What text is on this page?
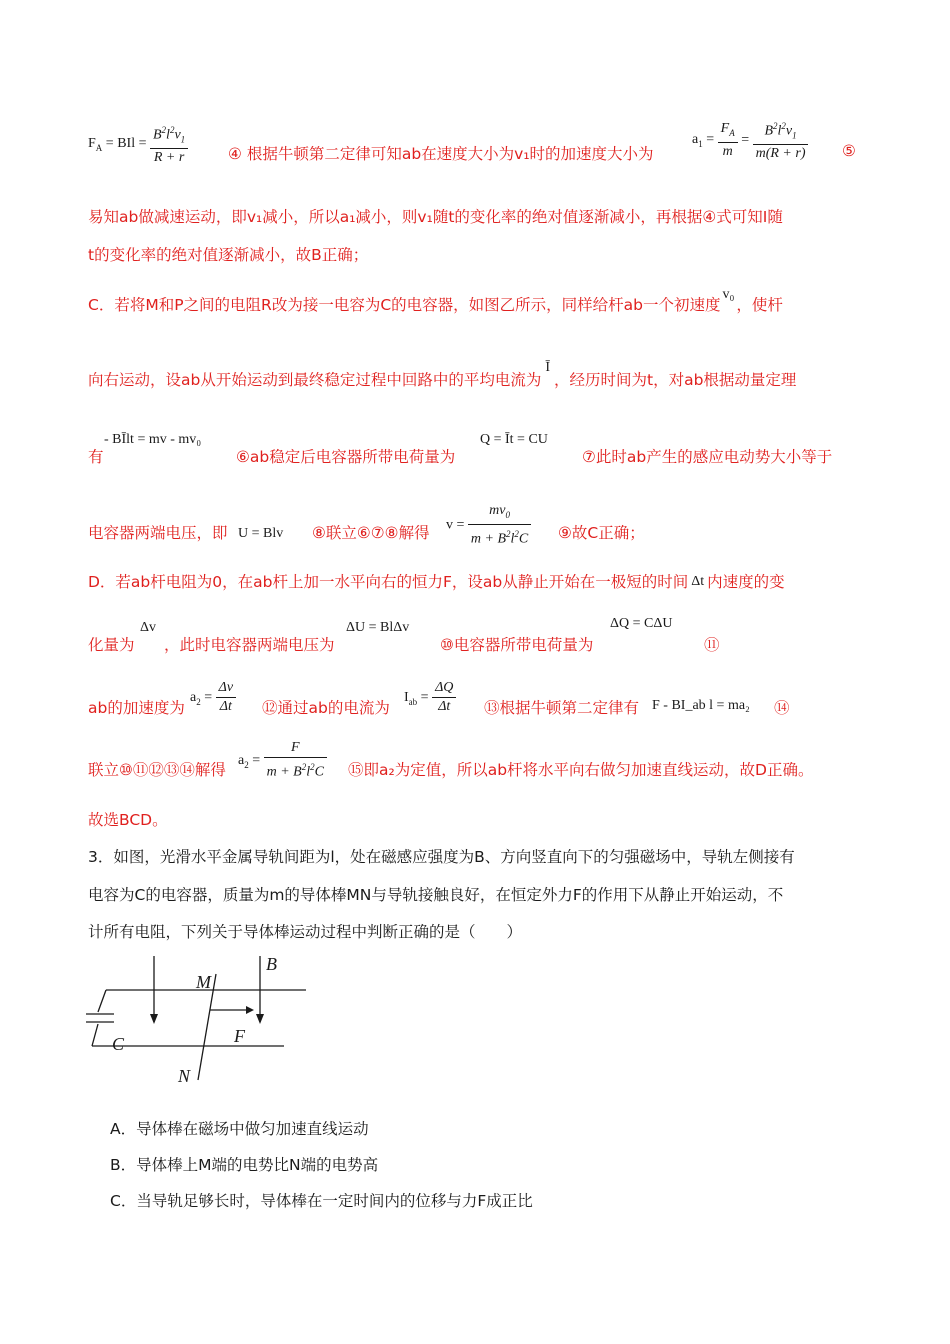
$F_A$ = BIl = $\frac{B^2l^2v_1}{R + r}$	④ 根据牛顿第二定律可知ab在速度大小为v₁时的加速度大小为
$a_1 = \frac{F_A}{m} = \frac{B^2l^2v_1}{m(R + r)}$ ⑤
易知ab做减速运动，即v₁减小，所以a₁减小，则v₁随t的变化率的绝对值逐渐减小，再根据④式可知I随
t的变化率的绝对值逐渐减小，故B正确；
C．若将M和P之间的电阻R改为接一电容为C的电容器，如图乙所示，同样给杆ab一个初速度v₀，使杆
向右运动，设ab从开始运动到最终稳定过程中回路中的平均电流为Ī，经历时间为t，对ab根据动量定理
有
- BĪlt = mv - mv₀
⑥ab稳定后电容器所带电荷量为
Q = Īt = CU
⑦此时ab产生的感应电动势大小等于
电容器两端电压，即 U = Blv ⑧联立⑥⑦⑧解得 $v = \frac{mv_0}{m + B^2l^2C}$ ⑨故C正确；
D．若ab杆电阻为0，在ab杆上加一水平向右的恒力F，设ab从静止开始在一极短的时间 Δt 内速度的变
化量为
Δv
，此时电容器两端电压为
ΔU = BlΔv
⑩电容器所带电荷量为
ΔQ = CΔU
⑪
ab的加速度为
$a_2 = \frac{\Delta v}{\Delta t}$ ⑫通过ab的电流为
$I_{ab} = \frac{\Delta Q}{\Delta t}$ ⑬根据牛顿第二定律有 F - BI_ab l = ma₂ ⑭
联立⑩⑪⑫⑬⑭解得
$a_2 = \frac{F}{m + B^2l^2C}$ ⑮即a₂为定值，所以ab杆将水平向右做匀加速直线运动，故D正确。
故选BCD。
3．如图，光滑水平金属导轨间距为l，处在磁感应强度为B、方向竖直向下的匀强磁场中，导轨左侧接有
电容为C的电容器，质量为m的导体棒MN与导轨接触良好，在恒定外力F的作用下从静止开始运动，不
计所有电阻，下列关于导体棒运动过程中判断正确的是（　　）
B
M
F
C
N
A．导体棒在磁场中做匀加速直线运动
B．导体棒上M端的电势比N端的电势高
C．当导轨足够长时，导体棒在一定时间内的位移与力F成正比
